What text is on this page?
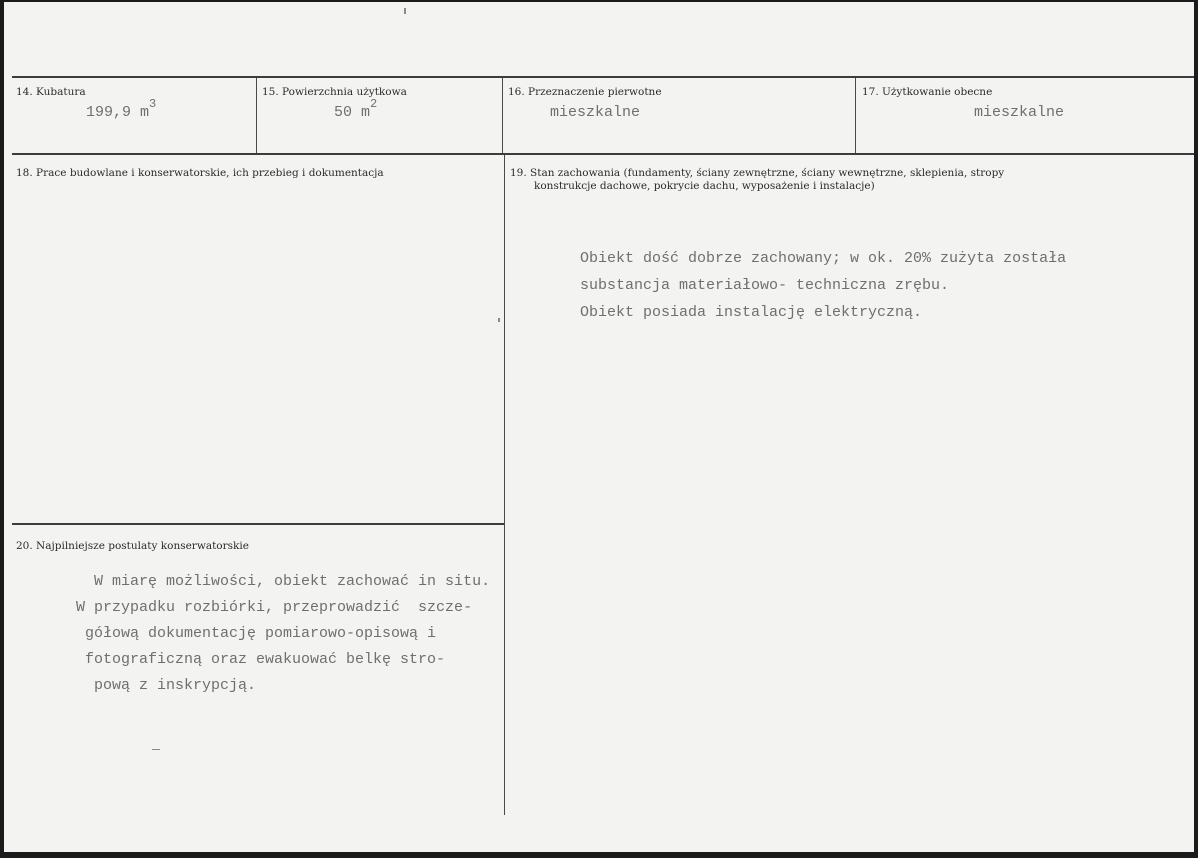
14. Kubatura
199,9 $m^3$
15. Powierzchnia użytkowa
50 $m^2$
16. Przeznaczenie pierwotne
mieszkalne
17. Użytkowanie obecne
mieszkalne
18. Prace budowlane i konserwatorskie, ich przebieg i dokumentacja	19. Stan zachowania (fundamenty, ściany zewnętrzne, ściany wewnętrzne, sklepienia, stropy
konstrukcje dachowe, pokrycie dachu, wyposażenie i instalacje)
Obiekt dość dobrze zachowany; w ok. 20% zużyta została
substancja materiałowo- techniczna zrębu.
Obiekt posiada instalację elektryczną.
20. Najpilniejsze postulaty konserwatorskie
W miarę możliwości, obiekt zachować in situ.
W przypadku rozbiórki, przeprowadzić  szcze-
gółową dokumentację pomiarowo-opisową i
fotograficzną oraz ewakuować belkę stro-
pową z inskrypcją.
